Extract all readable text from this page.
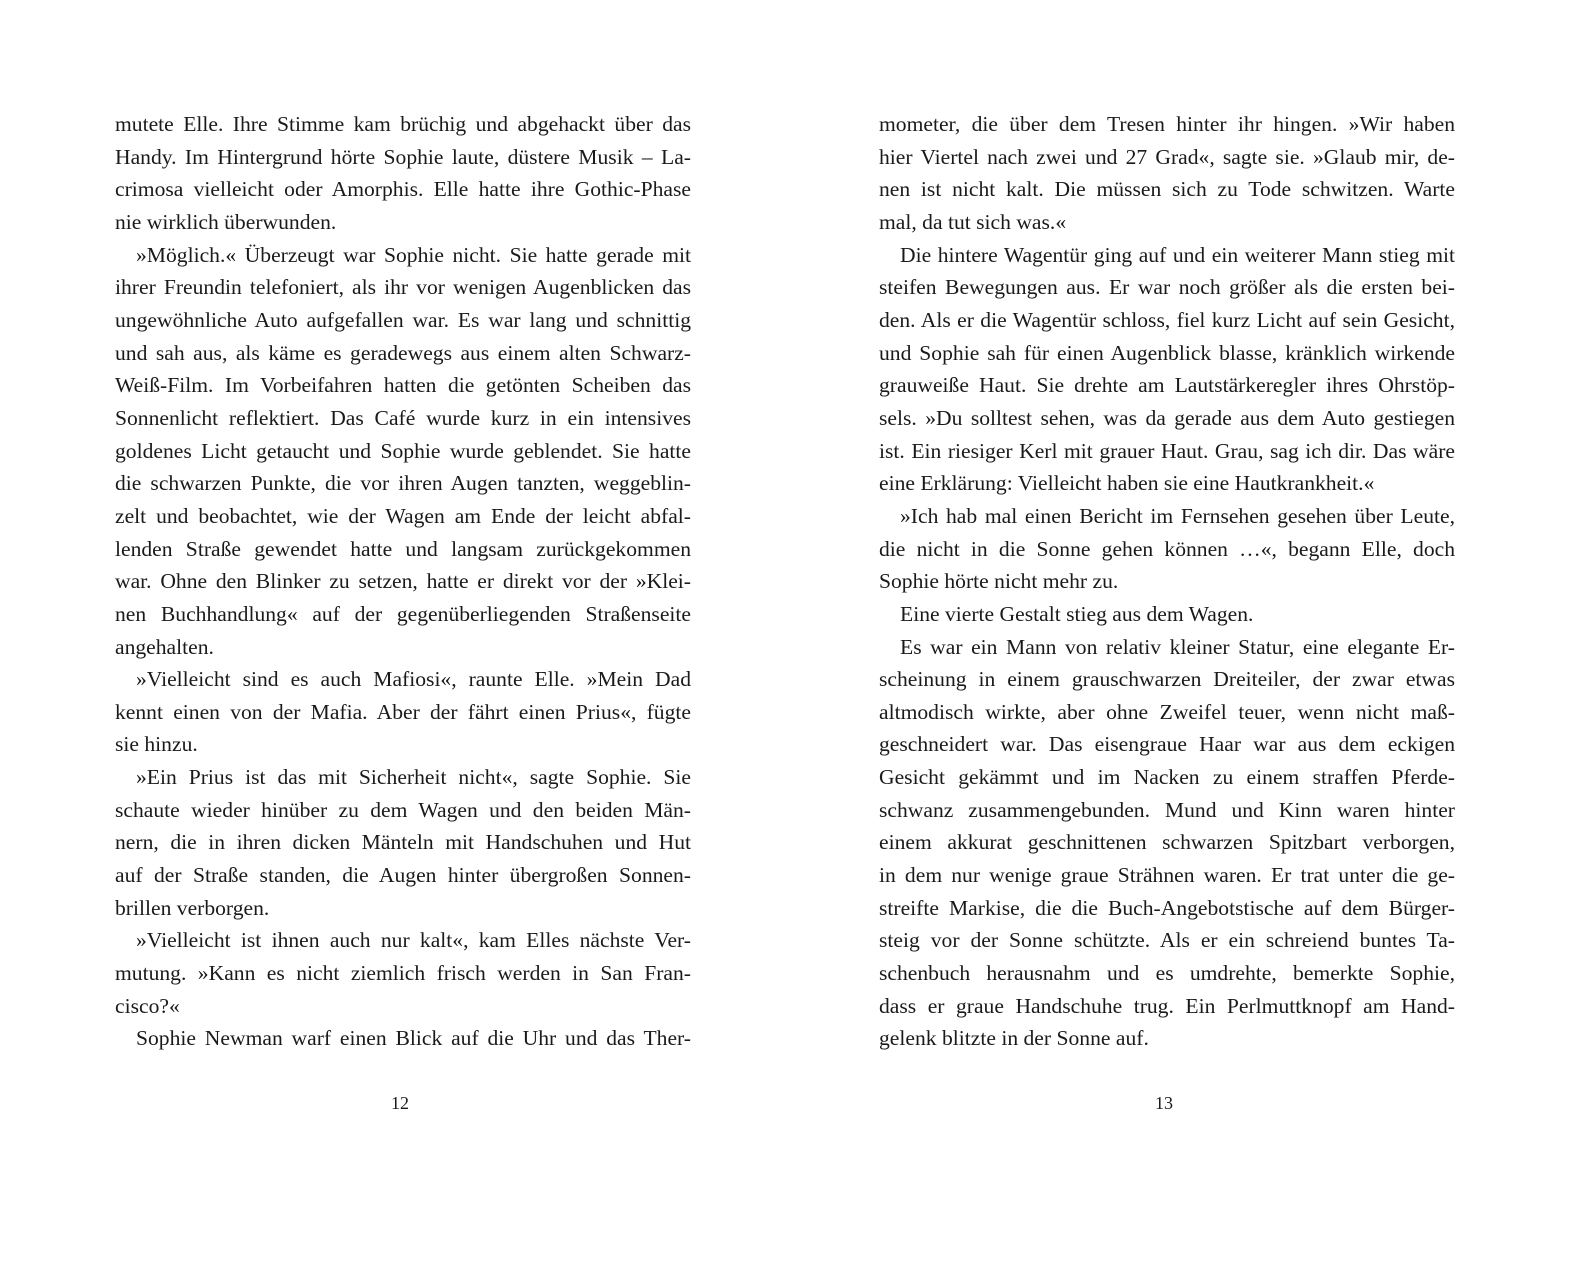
mutete Elle. Ihre Stimme kam brüchig und abgehackt über das
Handy. Im Hintergrund hörte Sophie laute, düstere Musik – La-
crimosa vielleicht oder Amorphis. Elle hatte ihre Gothic-Phase
nie wirklich überwunden.

»Möglich.« Überzeugt war Sophie nicht. Sie hatte gerade mit
ihrer Freundin telefoniert, als ihr vor wenigen Augenblicken das
ungewöhnliche Auto aufgefallen war. Es war lang und schnittig
und sah aus, als käme es geradewegs aus einem alten Schwarz-
Weiß-Film. Im Vorbeifahren hatten die getönten Scheiben das
Sonnenlicht reflektiert. Das Café wurde kurz in ein intensives
goldenes Licht getaucht und Sophie wurde geblendet. Sie hatte
die schwarzen Punkte, die vor ihren Augen tanzten, weggeblin-
zelt und beobachtet, wie der Wagen am Ende der leicht abfal-
lenden Straße gewendet hatte und langsam zurückgekommen
war. Ohne den Blinker zu setzen, hatte er direkt vor der »Klei-
nen Buchhandlung« auf der gegenüberliegenden Straßenseite
angehalten.

»Vielleicht sind es auch Mafiosi«, raunte Elle. »Mein Dad
kennt einen von der Mafia. Aber der fährt einen Prius«, fügte
sie hinzu.

»Ein Prius ist das mit Sicherheit nicht«, sagte Sophie. Sie
schaute wieder hinüber zu dem Wagen und den beiden Män-
nern, die in ihren dicken Mänteln mit Handschuhen und Hut
auf der Straße standen, die Augen hinter übergroßen Sonnen-
brillen verborgen.

»Vielleicht ist ihnen auch nur kalt«, kam Elles nächste Ver-
mutung. »Kann es nicht ziemlich frisch werden in San Fran-
cisco?«

Sophie Newman warf einen Blick auf die Uhr und das Ther-

12

mometer, die über dem Tresen hinter ihr hingen. »Wir haben
hier Viertel nach zwei und 27 Grad«, sagte sie. »Glaub mir, de-
nen ist nicht kalt. Die müssen sich zu Tode schwitzen. Warte
mal, da tut sich was.«

Die hintere Wagentür ging auf und ein weiterer Mann stieg mit
steifen Bewegungen aus. Er war noch größer als die ersten bei-
den. Als er die Wagentür schloss, fiel kurz Licht auf sein Gesicht,
und Sophie sah für einen Augenblick blasse, kränklich wirkende
grauweiße Haut. Sie drehte am Lautstärkeregler ihres Ohrstöp-
sels. »Du solltest sehen, was da gerade aus dem Auto gestiegen
ist. Ein riesiger Kerl mit grauer Haut. Grau, sag ich dir. Das wäre
eine Erklärung: Vielleicht haben sie eine Hautkrankheit.«

»Ich hab mal einen Bericht im Fernsehen gesehen über Leute,
die nicht in die Sonne gehen können …«, begann Elle, doch
Sophie hörte nicht mehr zu.

Eine vierte Gestalt stieg aus dem Wagen.

Es war ein Mann von relativ kleiner Statur, eine elegante Er-
scheinung in einem grauschwarzen Dreiteiler, der zwar etwas
altmodisch wirkte, aber ohne Zweifel teuer, wenn nicht maß-
geschneidert war. Das eisengraue Haar war aus dem eckigen
Gesicht gekämmt und im Nacken zu einem straffen Pferde-
schwanz zusammengebunden. Mund und Kinn waren hinter
einem akkurat geschnittenen schwarzen Spitzbart verborgen,
in dem nur wenige graue Strähnen waren. Er trat unter die ge-
streifte Markise, die die Buch-Angebotstische auf dem Bürger-
steig vor der Sonne schützte. Als er ein schreiend buntes Ta-
schenbuch herausnahm und es umdrehte, bemerkte Sophie,
dass er graue Handschuhe trug. Ein Perlmuttknopf am Hand-
gelenk blitzte in der Sonne auf.

13
